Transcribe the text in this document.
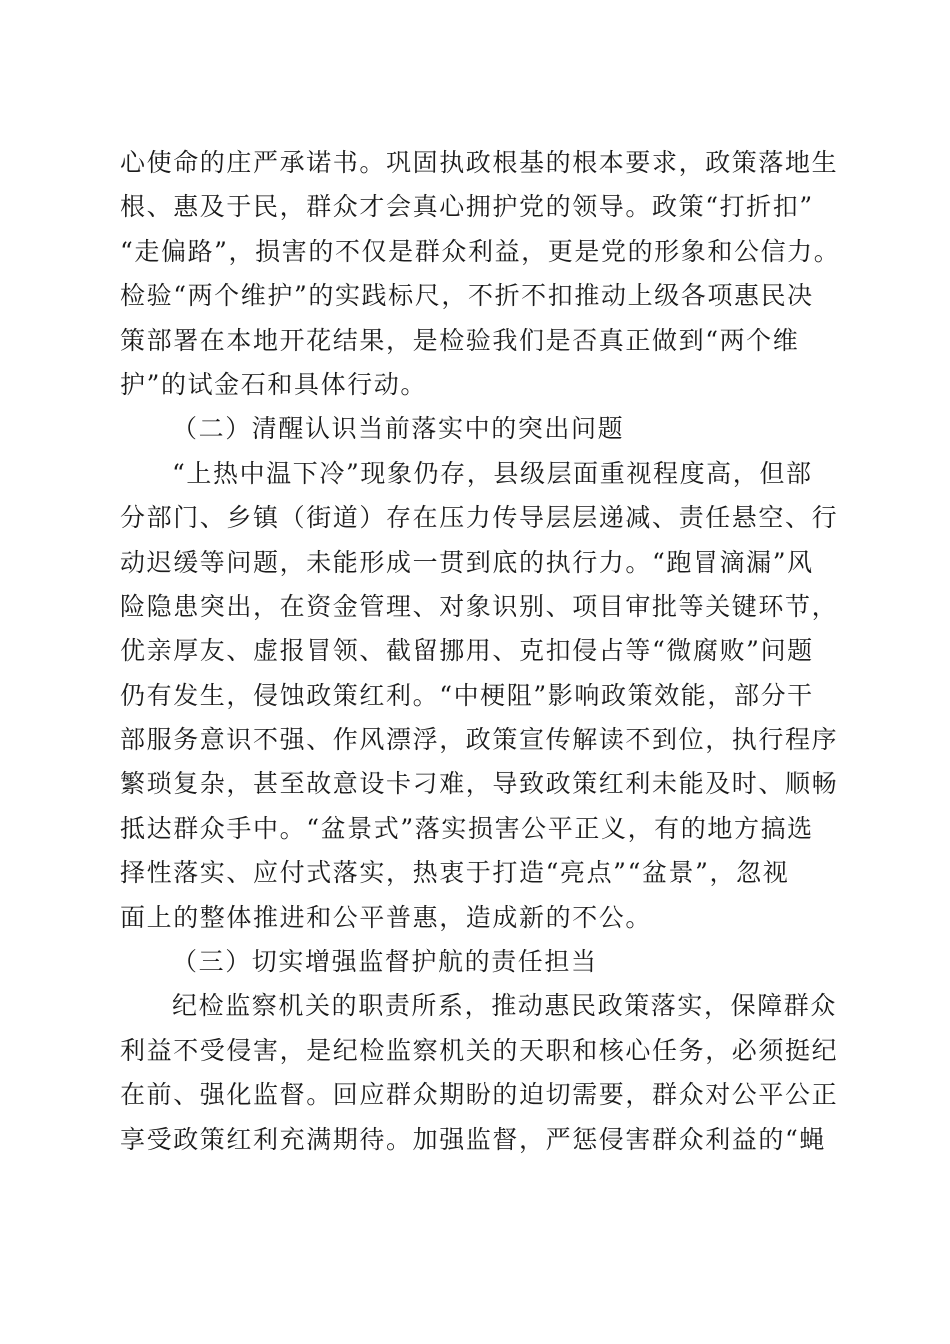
心使命的庄严承诺书。巩固执政根基的根本要求，政策落地生
根、惠及于民，群众才会真心拥护党的领导。政策“打折扣”
“走偏路”，损害的不仅是群众利益，更是党的形象和公信力。
检验“两个维护”的实践标尺，不折不扣推动上级各项惠民决
策部署在本地开花结果，是检验我们是否真正做到“两个维
护”的试金石和具体行动。
（二）清醒认识当前落实中的突出问题
“上热中温下冷”现象仍存，县级层面重视程度高，但部
分部门、乡镇（街道）存在压力传导层层递减、责任悬空、行
动迟缓等问题，未能形成一贯到底的执行力。“跑冒滴漏”风
险隐患突出，在资金管理、对象识别、项目审批等关键环节，
优亲厚友、虚报冒领、截留挪用、克扣侵占等“微腐败”问题
仍有发生，侵蚀政策红利。“中梗阻”影响政策效能，部分干
部服务意识不强、作风漂浮，政策宣传解读不到位，执行程序
繁琐复杂，甚至故意设卡刁难，导致政策红利未能及时、顺畅
抵达群众手中。“盆景式”落实损害公平正义，有的地方搞选
择性落实、应付式落实，热衷于打造“亮点”“盆景”，忽视
面上的整体推进和公平普惠，造成新的不公。
（三）切实增强监督护航的责任担当
纪检监察机关的职责所系，推动惠民政策落实，保障群众
利益不受侵害，是纪检监察机关的天职和核心任务，必须挺纪
在前、强化监督。回应群众期盼的迫切需要，群众对公平公正
享受政策红利充满期待。加强监督，严惩侵害群众利益的“蝇
